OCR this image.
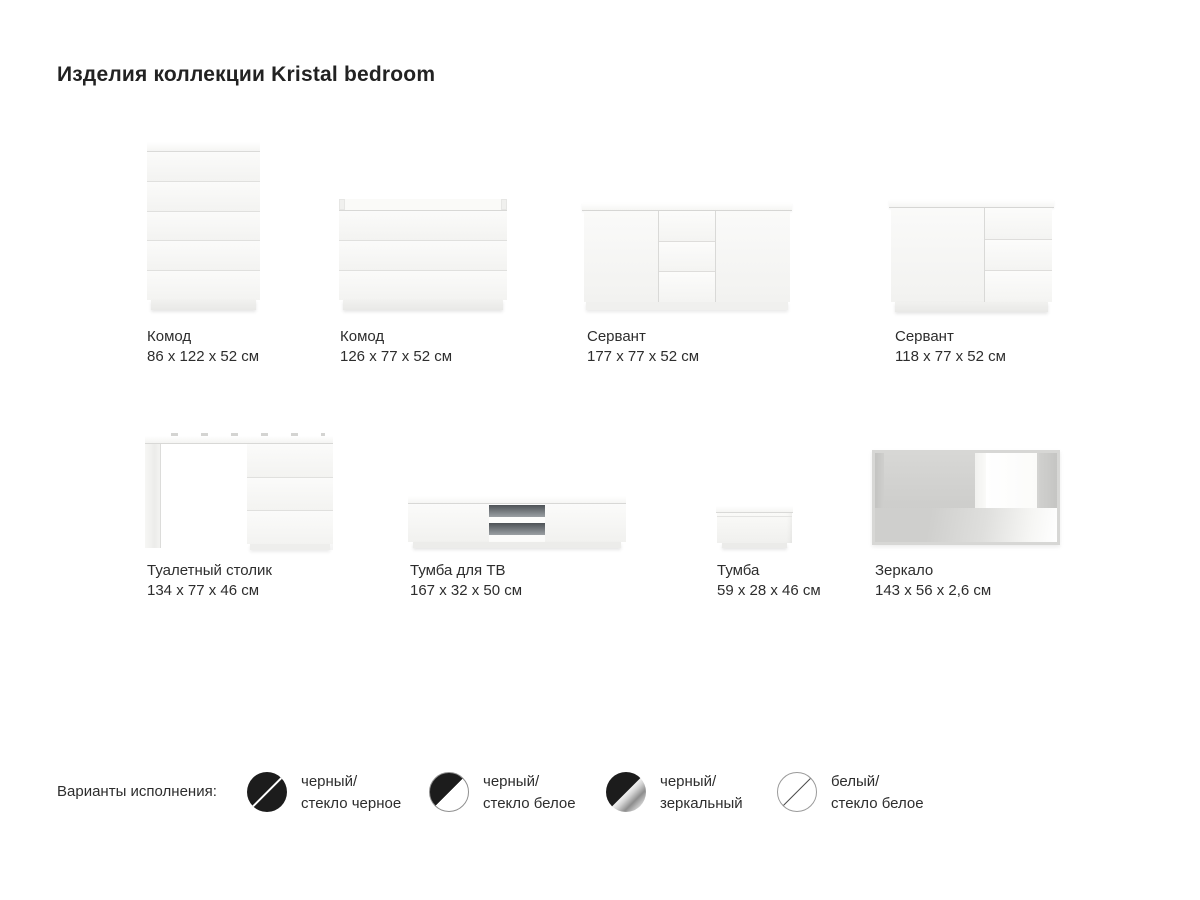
Изделия коллекции Kristal bedroom
Комод
86 x 122 x 52 см
Комод
126 x 77 x 52 см
Сервант
177 x 77 x 52 см
Сервант
118 x 77 x 52 см
Туалетный столик
134 x 77 x 46 см
Тумба для ТВ
167 x 32 x 50 см
Тумба
59 x 28 x 46 см
Зеркало
143 x 56 x 2,6 см
Варианты исполнения:
черный/
стекло черное
черный/
стекло белое
черный/
зеркальный
белый/
стекло белое
